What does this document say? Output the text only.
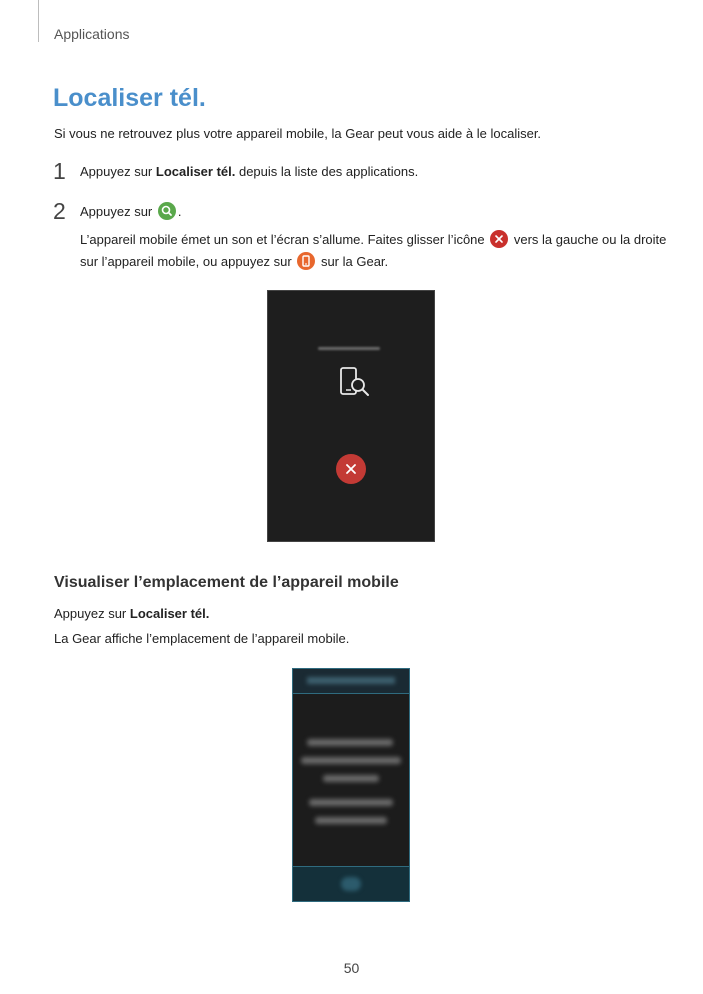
Applications
Localiser tél.
Si vous ne retrouvez plus votre appareil mobile, la Gear peut vous aide à le localiser.
1 Appuyez sur Localiser tél. depuis la liste des applications.
2 Appuyez sur
.
L’appareil mobile émet un son et l’écran s’allume. Faites glisser l’icône
vers la gauche ou la droite sur l’appareil mobile, ou appuyez sur
sur la Gear.
Visualiser l’emplacement de l’appareil mobile
Appuyez sur Localiser tél.
La Gear affiche l’emplacement de l’appareil mobile.
50
